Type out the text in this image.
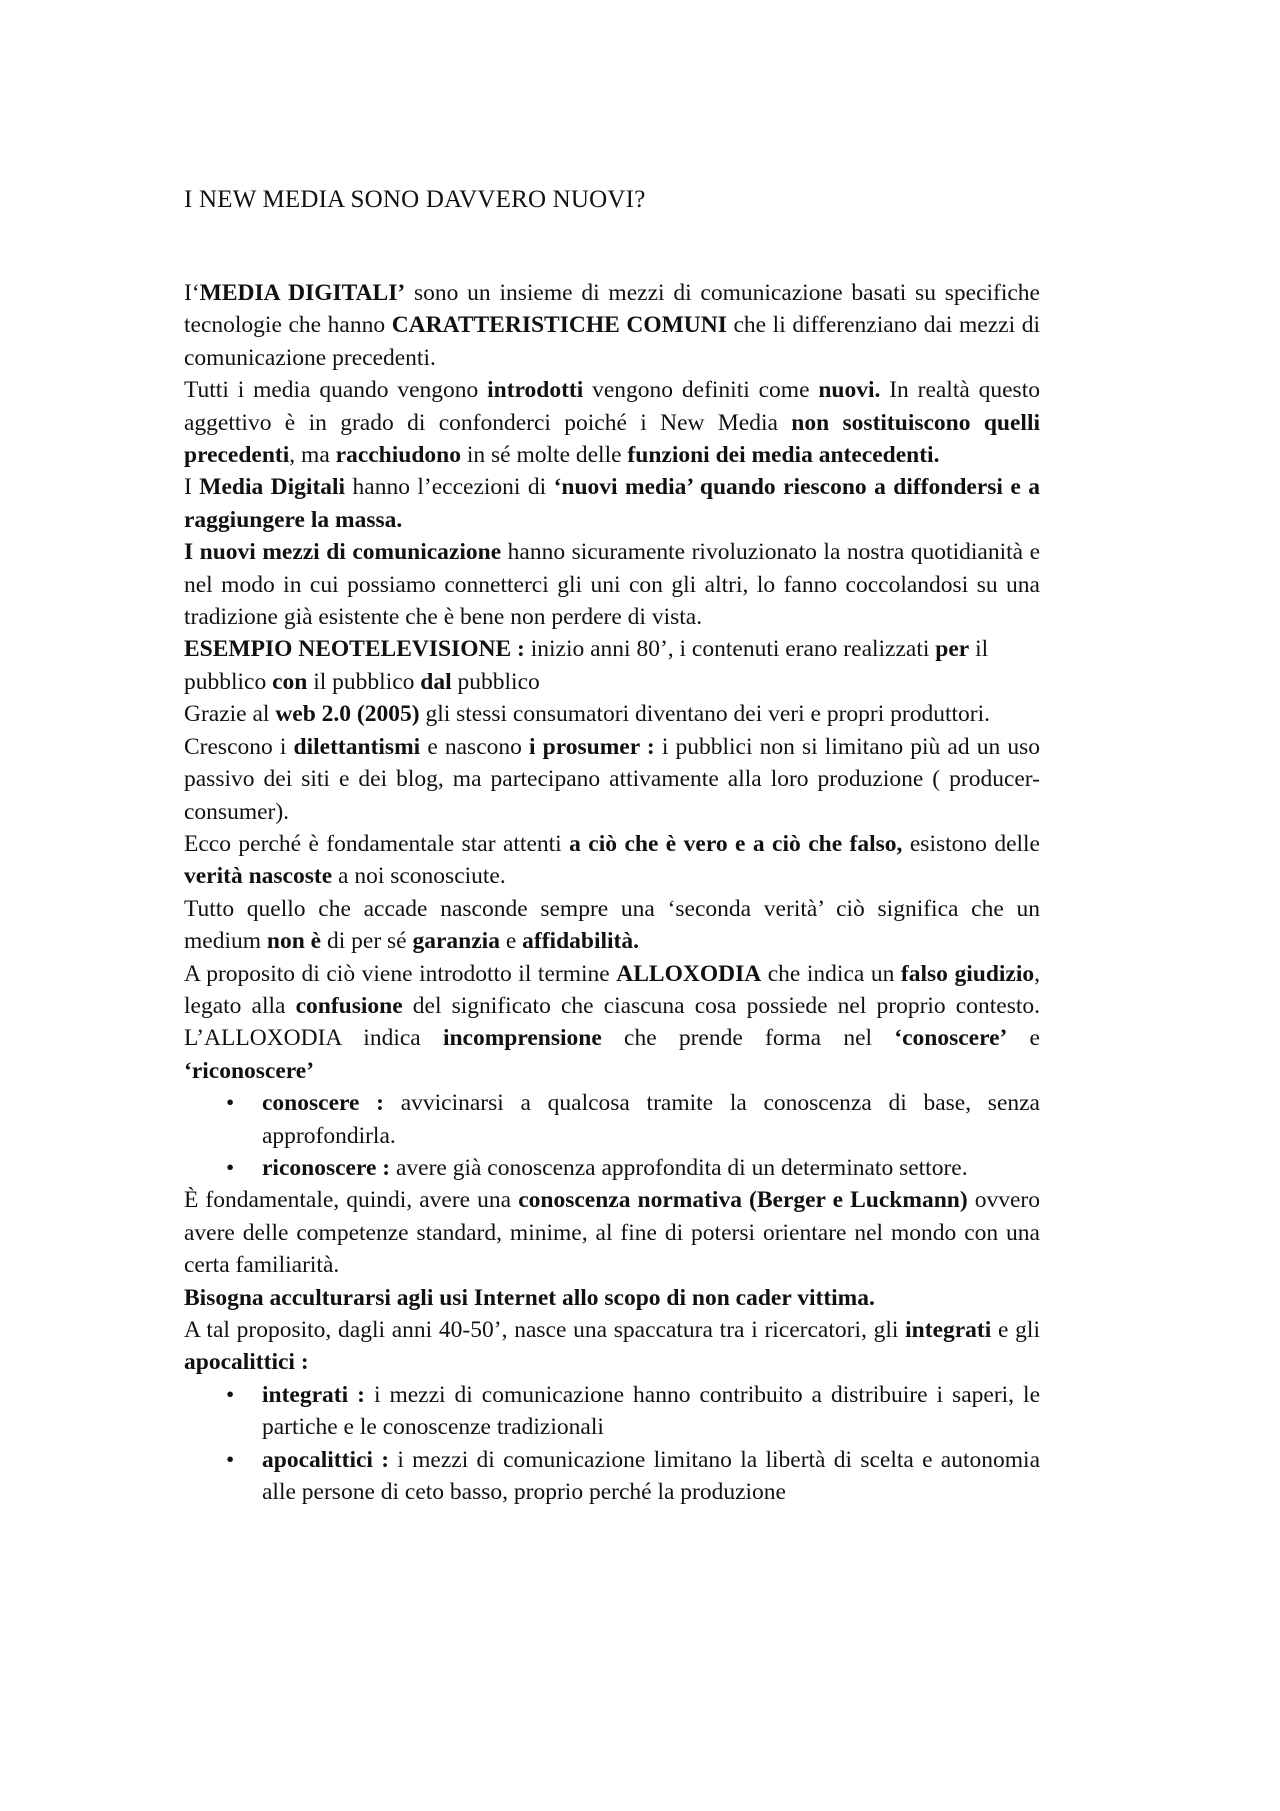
I NEW MEDIA SONO DAVVERO NUOVI?

I‘MEDIA DIGITALI’ sono un insieme di mezzi di comunicazione basati su specifiche tecnologie che hanno CARATTERISTICHE COMUNI che li differenziano dai mezzi di comunicazione precedenti.

Tutti i media quando vengono introdotti vengono definiti come nuovi. In realtà questo aggettivo è in grado di confonderci poiché i New Media non sostituiscono quelli precedenti, ma racchiudono in sé molte delle funzioni dei media antecedenti.

I Media Digitali hanno l’eccezioni di ‘nuovi media’ quando riescono a diffondersi e a raggiungere la massa.

I nuovi mezzi di comunicazione hanno sicuramente rivoluzionato la nostra quotidianità e nel modo in cui possiamo connetterci gli uni con gli altri, lo fanno coccolandosi su una tradizione già esistente che è bene non perdere di vista.

ESEMPIO NEOTELEVISIONE : inizio anni 80’, i contenuti erano realizzati per il pubblico con il pubblico dal pubblico

Grazie al web 2.0 (2005) gli stessi consumatori diventano dei veri e propri produttori.

Crescono i dilettantismi e nascono i prosumer : i pubblici non si limitano più ad un uso passivo dei siti e dei blog, ma partecipano attivamente alla loro produzione ( producer-consumer).

Ecco perché è fondamentale star attenti a ciò che è vero e a ciò che falso, esistono delle verità nascoste a noi sconosciute.

Tutto quello che accade nasconde sempre una ‘seconda verità’ ciò significa che un medium non è di per sé garanzia e affidabilità.

A proposito di ciò viene introdotto il termine ALLOXODIA che indica un falso giudizio, legato alla confusione del significato che ciascuna cosa possiede nel proprio contesto. L’ALLOXODIA indica incomprensione che prende forma nel ‘conoscere’ e ‘riconoscere’

• conoscere : avvicinarsi a qualcosa tramite la conoscenza di base, senza approfondirla.
• riconoscere : avere già conoscenza approfondita di un determinato settore.

È fondamentale, quindi, avere una conoscenza normativa (Berger e Luckmann) ovvero avere delle competenze standard, minime, al fine di potersi orientare nel mondo con una certa familiarità.

Bisogna acculturarsi agli usi Internet allo scopo di non cader vittima.

A tal proposito, dagli anni 40-50’, nasce una spaccatura tra i ricercatori, gli integrati e gli apocalittici :

• integrati : i mezzi di comunicazione hanno contribuito a distribuire i saperi, le partiche e le conoscenze tradizionali
• apocalittici : i mezzi di comunicazione limitano la libertà di scelta e autonomia alle persone di ceto basso, proprio perché la produzione
